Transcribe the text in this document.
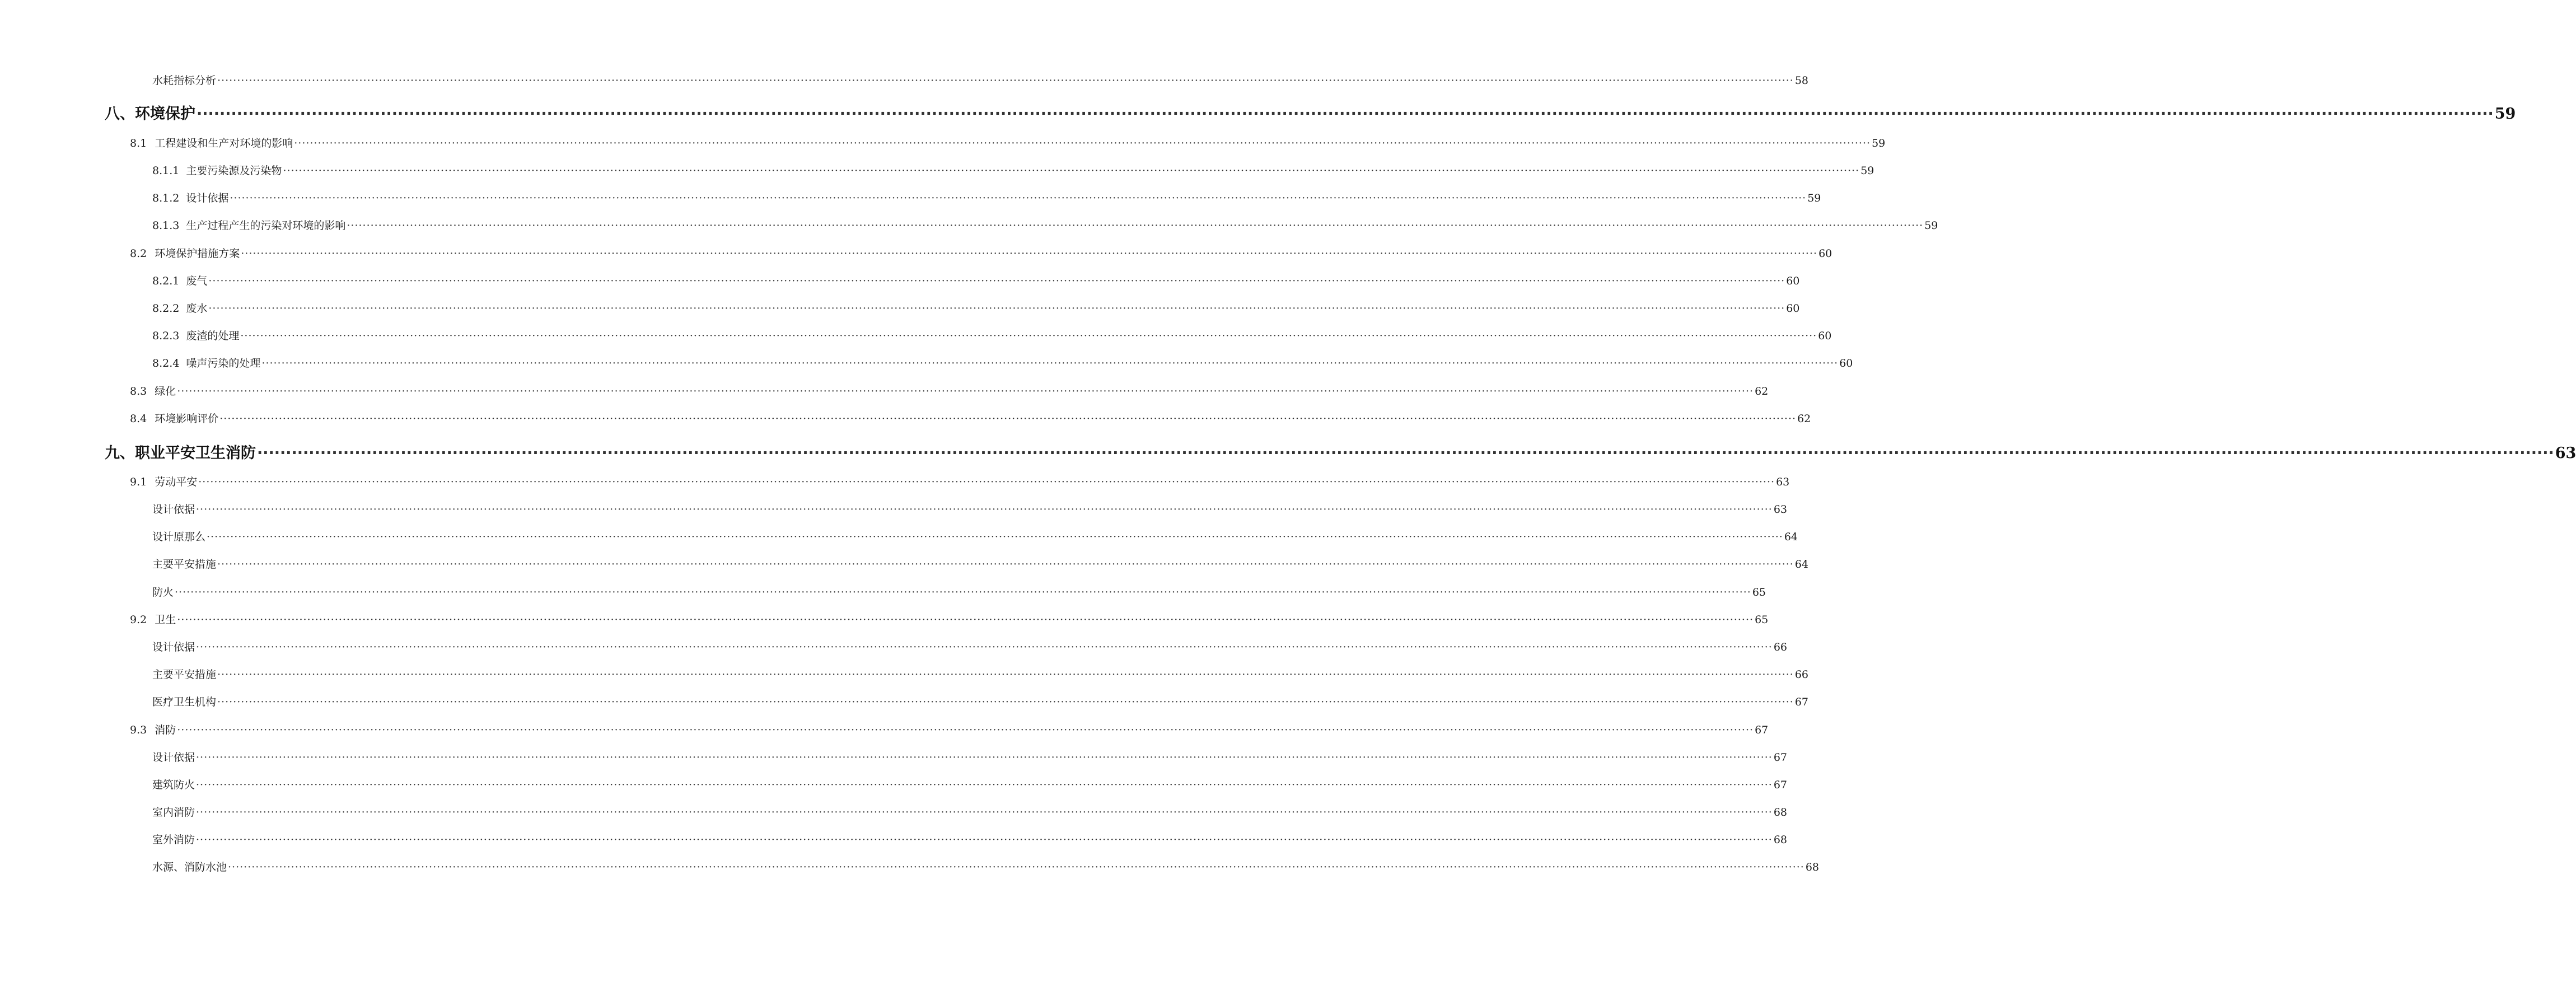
水耗指标分析 ················································································································································································································································································································································································································ 58
八、环境保护 ················································································································································································································································································································································································································ 59
8.1 工程建设和生产对环境的影响 ················································································································································································································································································································································································································ 59
8.1.1 主要污染源及污染物 ················································································································································································································································································································································································································ 59
8.1.2 设计依据 ················································································································································································································································································································································································································ 59
8.1.3 生产过程产生的污染对环境的影响 ················································································································································································································································································································································································································ 59
8.2 环境保护措施方案 ················································································································································································································································································································································································································ 60
8.2.1 废气 ················································································································································································································································································································································································································ 60
8.2.2 废水 ················································································································································································································································································································································································································ 60
8.2.3 废渣的处理 ················································································································································································································································································································································································································ 60
8.2.4 噪声污染的处理 ················································································································································································································································································································································································································ 60
8.3 绿化 ················································································································································································································································································································································································································ 62
8.4 环境影响评价 ················································································································································································································································································································································································································ 62
九、职业平安卫生消防 ················································································································································································································································································································································································································ 63
9.1 劳动平安 ················································································································································································································································································································································································································ 63
设计依据 ················································································································································································································································································································································································································ 63
设计原那么 ················································································································································································································································································································································································································ 64
主要平安措施 ················································································································································································································································································································································································································ 64
防火 ················································································································································································································································································································································································································ 65
9.2 卫生 ················································································································································································································································································································································································································ 65
设计依据 ················································································································································································································································································································································································································ 66
主要平安措施 ················································································································································································································································································································································································································ 66
医疗卫生机构 ················································································································································································································································································································································································································ 67
9.3 消防 ················································································································································································································································································································································································································ 67
设计依据 ················································································································································································································································································································································································································ 67
建筑防火 ················································································································································································································································································································································································································ 67
室内消防 ················································································································································································································································································································································································································ 68
室外消防 ················································································································································································································································································································································································································ 68
水源、消防水池 ················································································································································································································································································································································································································ 68
